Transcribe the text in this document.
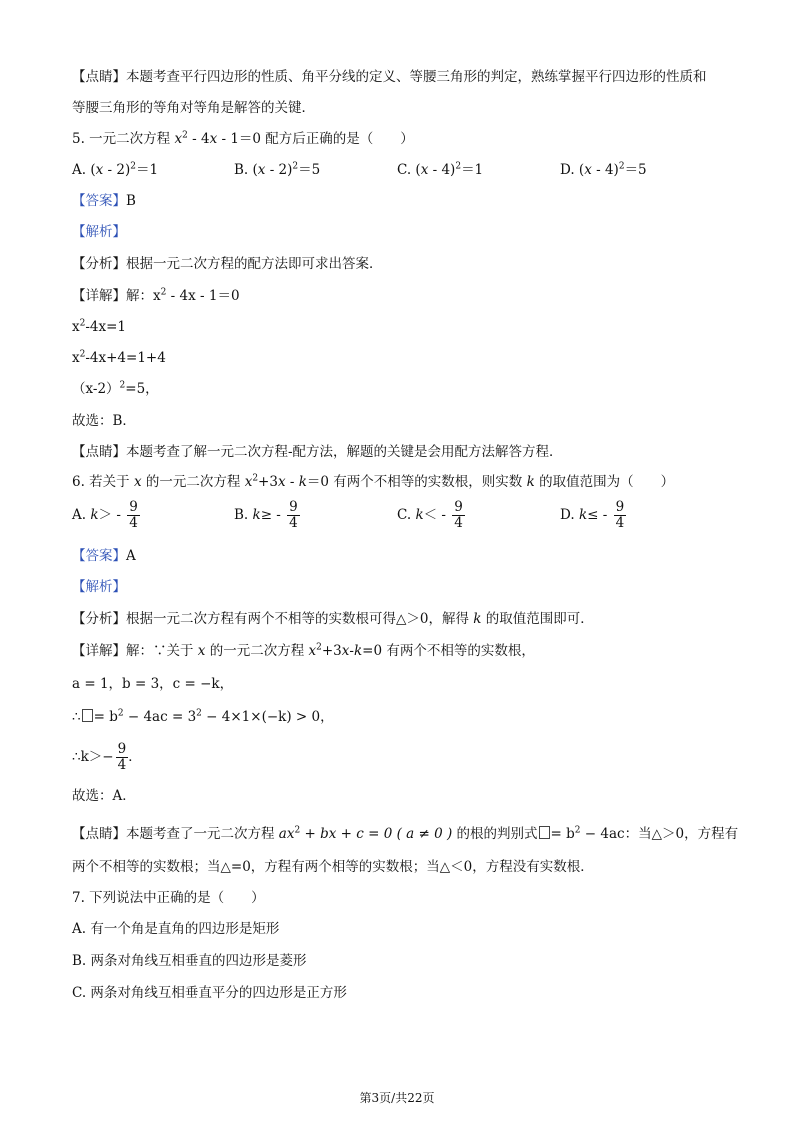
【点睛】本题考查平行四边形的性质、角平分线的定义、等腰三角形的判定，熟练掌握平行四边形的性质和
等腰三角形的等角对等角是解答的关键．
5. 一元二次方程 $x^2 - 4x - 1=0$ 配方后正确的是（　　）
A. (x - 2)$^2$＝1	B. (x - 2)$^2$＝5	C. (x - 4)$^2$＝1	D. (x - 4)$^2$＝5
【答案】B
【解析】
【分析】根据一元二次方程的配方法即可求出答案．
【详解】解：$x^2 - 4x - 1=0$
$x^2-4x=1$
$x^2-4x+4=1+4$
$(x-2)^2=5$，
故选：B．
【点睛】本题考查了解一元二次方程-配方法，解题的关键是会用配方法解答方程．
6. 若关于 x 的一元二次方程 $x^2+3x - k=0$ 有两个不相等的实数根，则实数 k 的取值范围为（　　）
A. $k> - \frac{9}{4}$	B. $k\ge - \frac{9}{4}$	C. $k< - \frac{9}{4}$	D. $k\le - \frac{9}{4}$
【答案】A
【解析】
【分析】根据一元二次方程有两个不相等的实数根可得△＞0，解得 k 的取值范围即可．
【详解】解：∵关于 x 的一元二次方程 $x^2+3x-k=0$ 有两个不相等的实数根，
a = 1，b = 3，c = −k，
∴ = $b^2 - 4ac = 3^2 - 4\times 1\times(-k) > 0$，
∴k＞− $\frac{9}{4}$ ．
故选：A．
【点睛】本题考查了一元二次方程 $ax^2$ + bx + c = 0 ( a ≠ 0 ) 的根的判别式 = $b^2 - 4ac$：当△＞0，方程有
两个不相等的实数根；当△=0，方程有两个相等的实数根；当△＜0，方程没有实数根．
7. 下列说法中正确的是（　　）
A. 有一个角是直角的四边形是矩形
B. 两条对角线互相垂直的四边形是菱形
C. 两条对角线互相垂直平分的四边形是正方形
第3页/共22页
